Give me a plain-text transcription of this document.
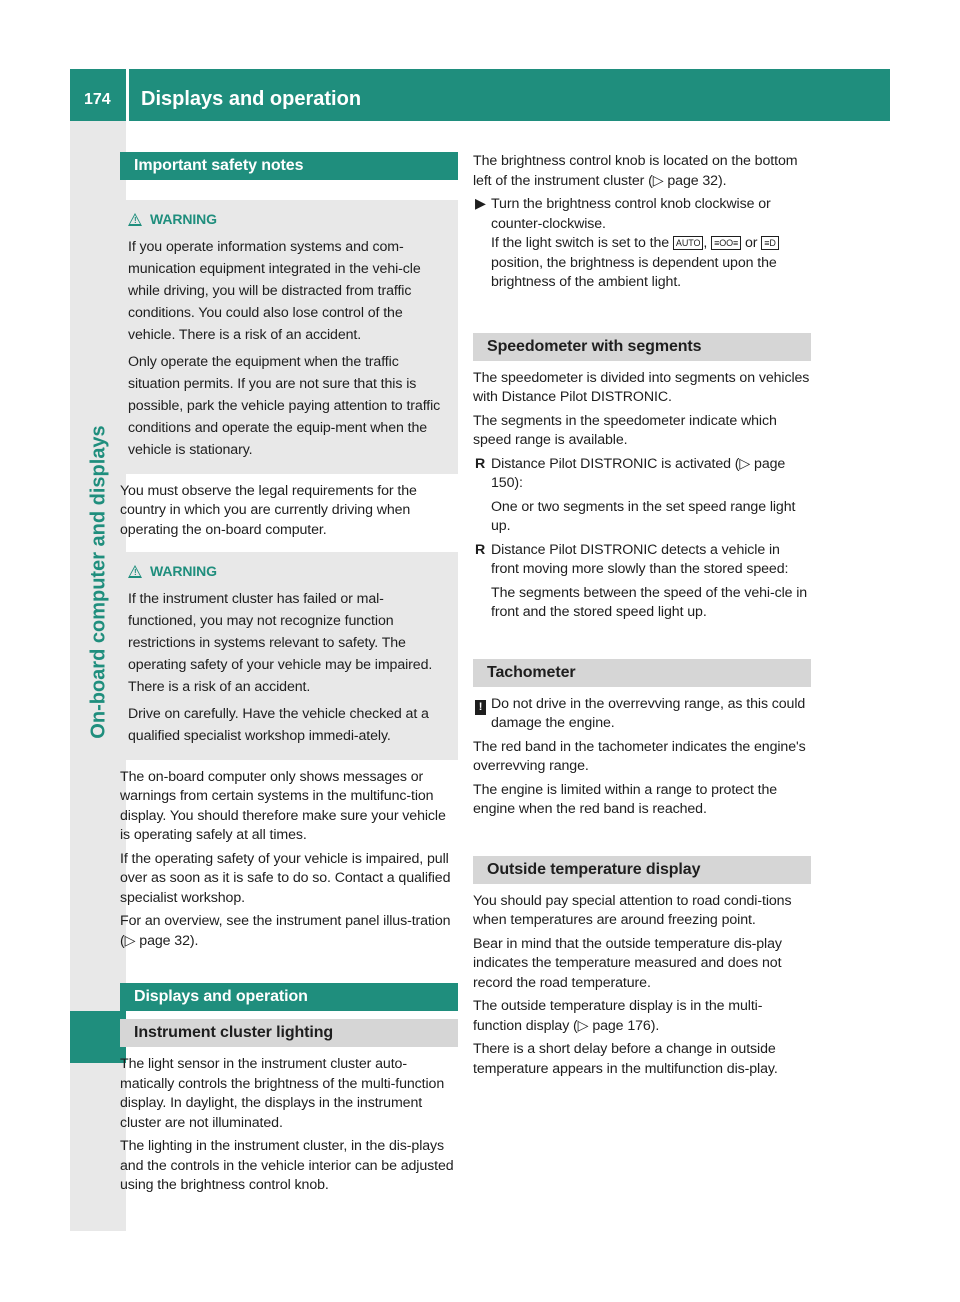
174 Displays and operation
On-board computer and displays
Important safety notes
! WARNING

If you operate information systems and com-munication equipment integrated in the vehi-cle while driving, you will be distracted from traffic conditions. You could also lose control of the vehicle. There is a risk of an accident.

Only operate the equipment when the traffic situation permits. If you are not sure that this is possible, park the vehicle paying attention to traffic conditions and operate the equip-ment when the vehicle is stationary.

You must observe the legal requirements for the country in which you are currently driving when operating the on-board computer.

! WARNING

If the instrument cluster has failed or mal-functioned, you may not recognize function restrictions in systems relevant to safety. The operating safety of your vehicle may be impaired. There is a risk of an accident.

Drive on carefully. Have the vehicle checked at a qualified specialist workshop immedi-ately.

The on-board computer only shows messages or warnings from certain systems in the multifunc-tion display. You should therefore make sure your vehicle is operating safely at all times.

If the operating safety of your vehicle is impaired, pull over as soon as it is safe to do so. Contact a qualified specialist workshop.

For an overview, see the instrument panel illus-tration (▷ page 32).

Displays and operation
Instrument cluster lighting

The light sensor in the instrument cluster auto-matically controls the brightness of the multi-function display. In daylight, the displays in the instrument cluster are not illuminated.

The lighting in the instrument cluster, in the dis-plays and the controls in the vehicle interior can be adjusted using the brightness control knob.

The brightness control knob is located on the bottom left of the instrument cluster (▷ page 32).

▶ Turn the brightness control knob clockwise or counter-clockwise.
If the light switch is set to the AUTO , ≡OO≡ or ≡D position, the brightness is dependent upon the brightness of the ambient light.
Speedometer with segments

The speedometer is divided into segments on vehicles with Distance Pilot DISTRONIC.

The segments in the speedometer indicate which speed range is available.

R Distance Pilot DISTRONIC is activated (▷ page 150):

One or two segments in the set speed range light up.

R Distance Pilot DISTRONIC detects a vehicle in front moving more slowly than the stored speed:

The segments between the speed of the vehi-cle in front and the stored speed light up.

Tachometer
! Do not drive in the overrevving range, as this could damage the engine.

The red band in the tachometer indicates the engine's overrevving range.

The engine is limited within a range to protect the engine when the red band is reached.

Outside temperature display

You should pay special attention to road condi-tions when temperatures are around freezing point.

Bear in mind that the outside temperature dis-play indicates the temperature measured and does not record the road temperature.

The outside temperature display is in the multi-function display (▷ page 176).

There is a short delay before a change in outside temperature appears in the multifunction dis-play.
